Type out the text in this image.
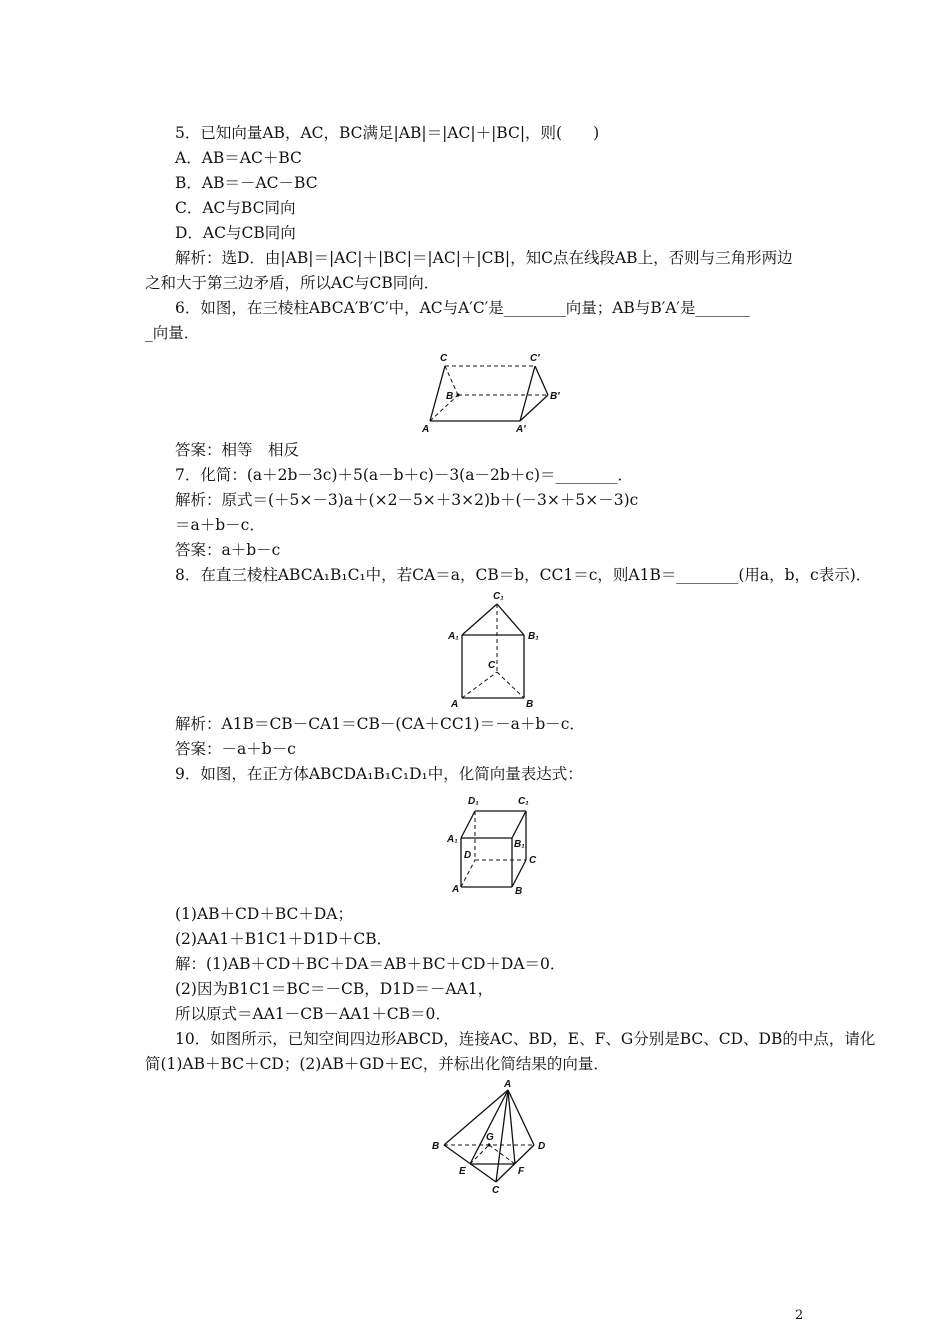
5．已知向量AB，AC，BC满足|AB|＝|AC|＋|BC|，则(　　)
A．AB＝AC＋BC
B．AB＝－AC－BC
C．AC与BC同向
D．AC与CB同向
解析：选D．由|AB|＝|AC|＋|BC|＝|AC|＋|CB|，知C点在线段AB上，否则与三角形两边
之和大于第三边矛盾，所以AC与CB同向．
6．如图，在三棱柱ABCA′B′C′中，AC与A′C′是________向量；AB与B′A′是_______
_向量．
C	C′
B	B′
A	A′
答案：相等　相反
7．化简：(a＋2b－3c)＋5(a－b＋c)－3(a－2b＋c)＝________．
解析：原式＝(＋5×－3)a＋(×2－5×＋3×2)b＋(－3×＋5×－3)c
＝a＋b－c．
答案：a＋b－c
8．在直三棱柱ABCA₁B₁C₁中，若CA＝a，CB＝b，CC1＝c，则A1B＝________(用a，b，c表示)．
C₁
A₁	B₁
C
A	B
解析：A1B＝CB－CA1＝CB－(CA＋CC1)＝－a＋b－c．
答案：－a＋b－c
9．如图，在正方体ABCDA₁B₁C₁D₁中，化简向量表达式：
D₁	C₁
A₁	B₁
D	C
A	B
(1)AB＋CD＋BC＋DA；
(2)AA1＋B1C1＋D1D＋CB．
解：(1)AB＋CD＋BC＋DA＝AB＋BC＋CD＋DA＝0．
(2)因为B1C1＝BC＝－CB，D1D＝－AA1，
所以原式＝AA1－CB－AA1＋CB＝0．
10．如图所示，已知空间四边形ABCD，连接AC、BD，E、F、G分别是BC、CD、DB的中点，请化
简(1)AB＋BC＋CD；(2)AB＋GD＋EC，并标出化简结果的向量．
A
B	D
G
E	F
C
2
